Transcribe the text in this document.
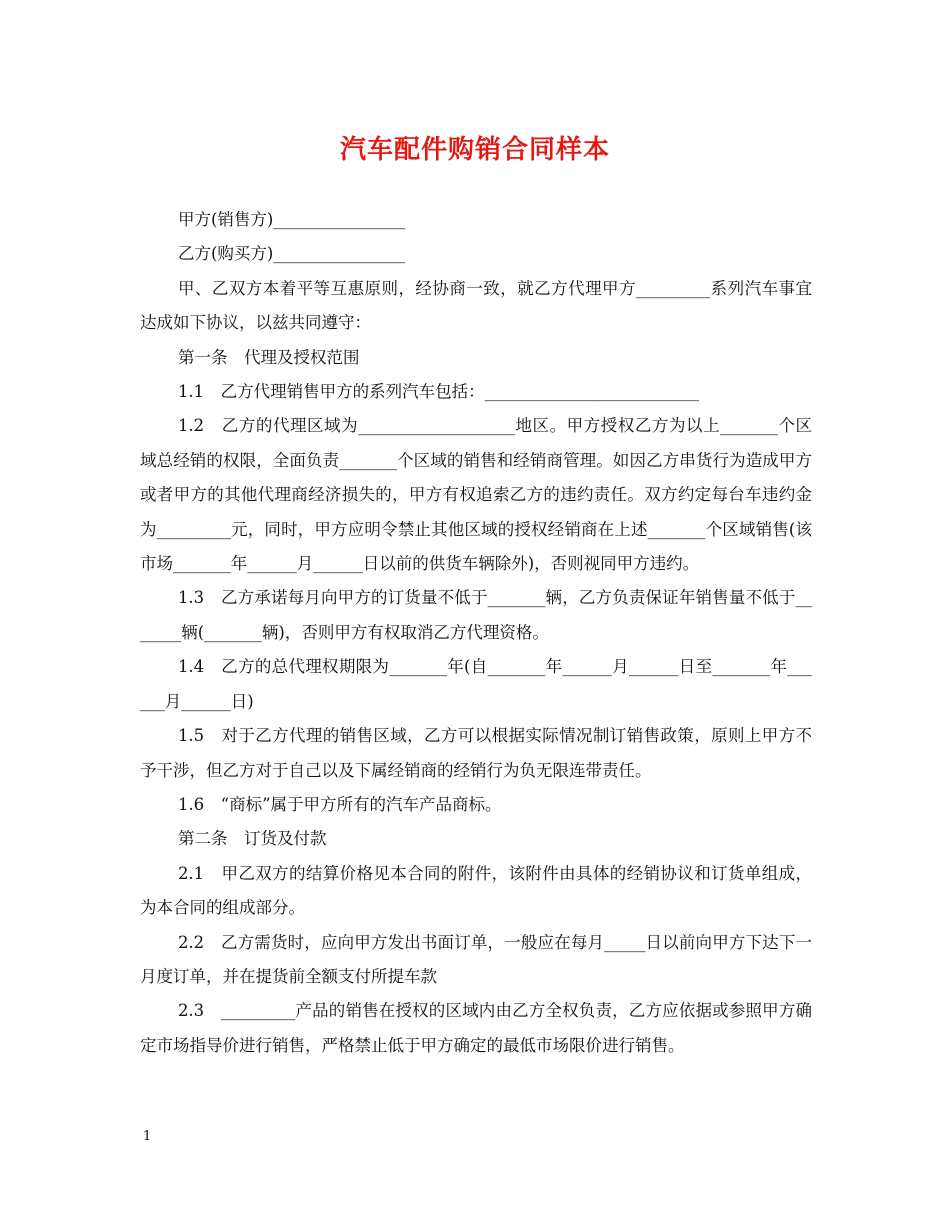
汽车配件购销合同样本

甲方(销售方)________________

乙方(购买方)________________

甲、乙双方本着平等互惠原则，经协商一致，就乙方代理甲方_________系列汽车事宜达成如下协议，以兹共同遵守：

第一条　代理及授权范围

1.1　乙方代理销售甲方的系列汽车包括：__________________________

1.2　乙方的代理区域为___________________地区。甲方授权乙方为以上_______个区域总经销的权限，全面负责_______个区域的销售和经销商管理。如因乙方串货行为造成甲方或者甲方的其他代理商经济损失的，甲方有权追索乙方的违约责任。双方约定每台车违约金为_________元，同时，甲方应明令禁止其他区域的授权经销商在上述_______个区域销售(该市场_______年______月______日以前的供货车辆除外)，否则视同甲方违约。

1.3　乙方承诺每月向甲方的订货量不低于_______辆，乙方负责保证年销售量不低于_______辆(_______辆)，否则甲方有权取消乙方代理资格。

1.4　乙方的总代理权期限为_______年(自_______年______月______日至_______年______月______日)

1.5　对于乙方代理的销售区域，乙方可以根据实际情况制订销售政策，原则上甲方不予干涉，但乙方对于自己以及下属经销商的经销行为负无限连带责任。

1.6　“商标”属于甲方所有的汽车产品商标。

第二条　订货及付款

2.1　甲乙双方的结算价格见本合同的附件，该附件由具体的经销协议和订货单组成，为本合同的组成部分。

2.2　乙方需货时，应向甲方发出书面订单，一般应在每月_____日以前向甲方下达下一月度订单，并在提货前全额支付所提车款

2.3　_________产品的销售在授权的区域内由乙方全权负责，乙方应依据或参照甲方确定市场指导价进行销售，严格禁止低于甲方确定的最低市场限价进行销售。

1
